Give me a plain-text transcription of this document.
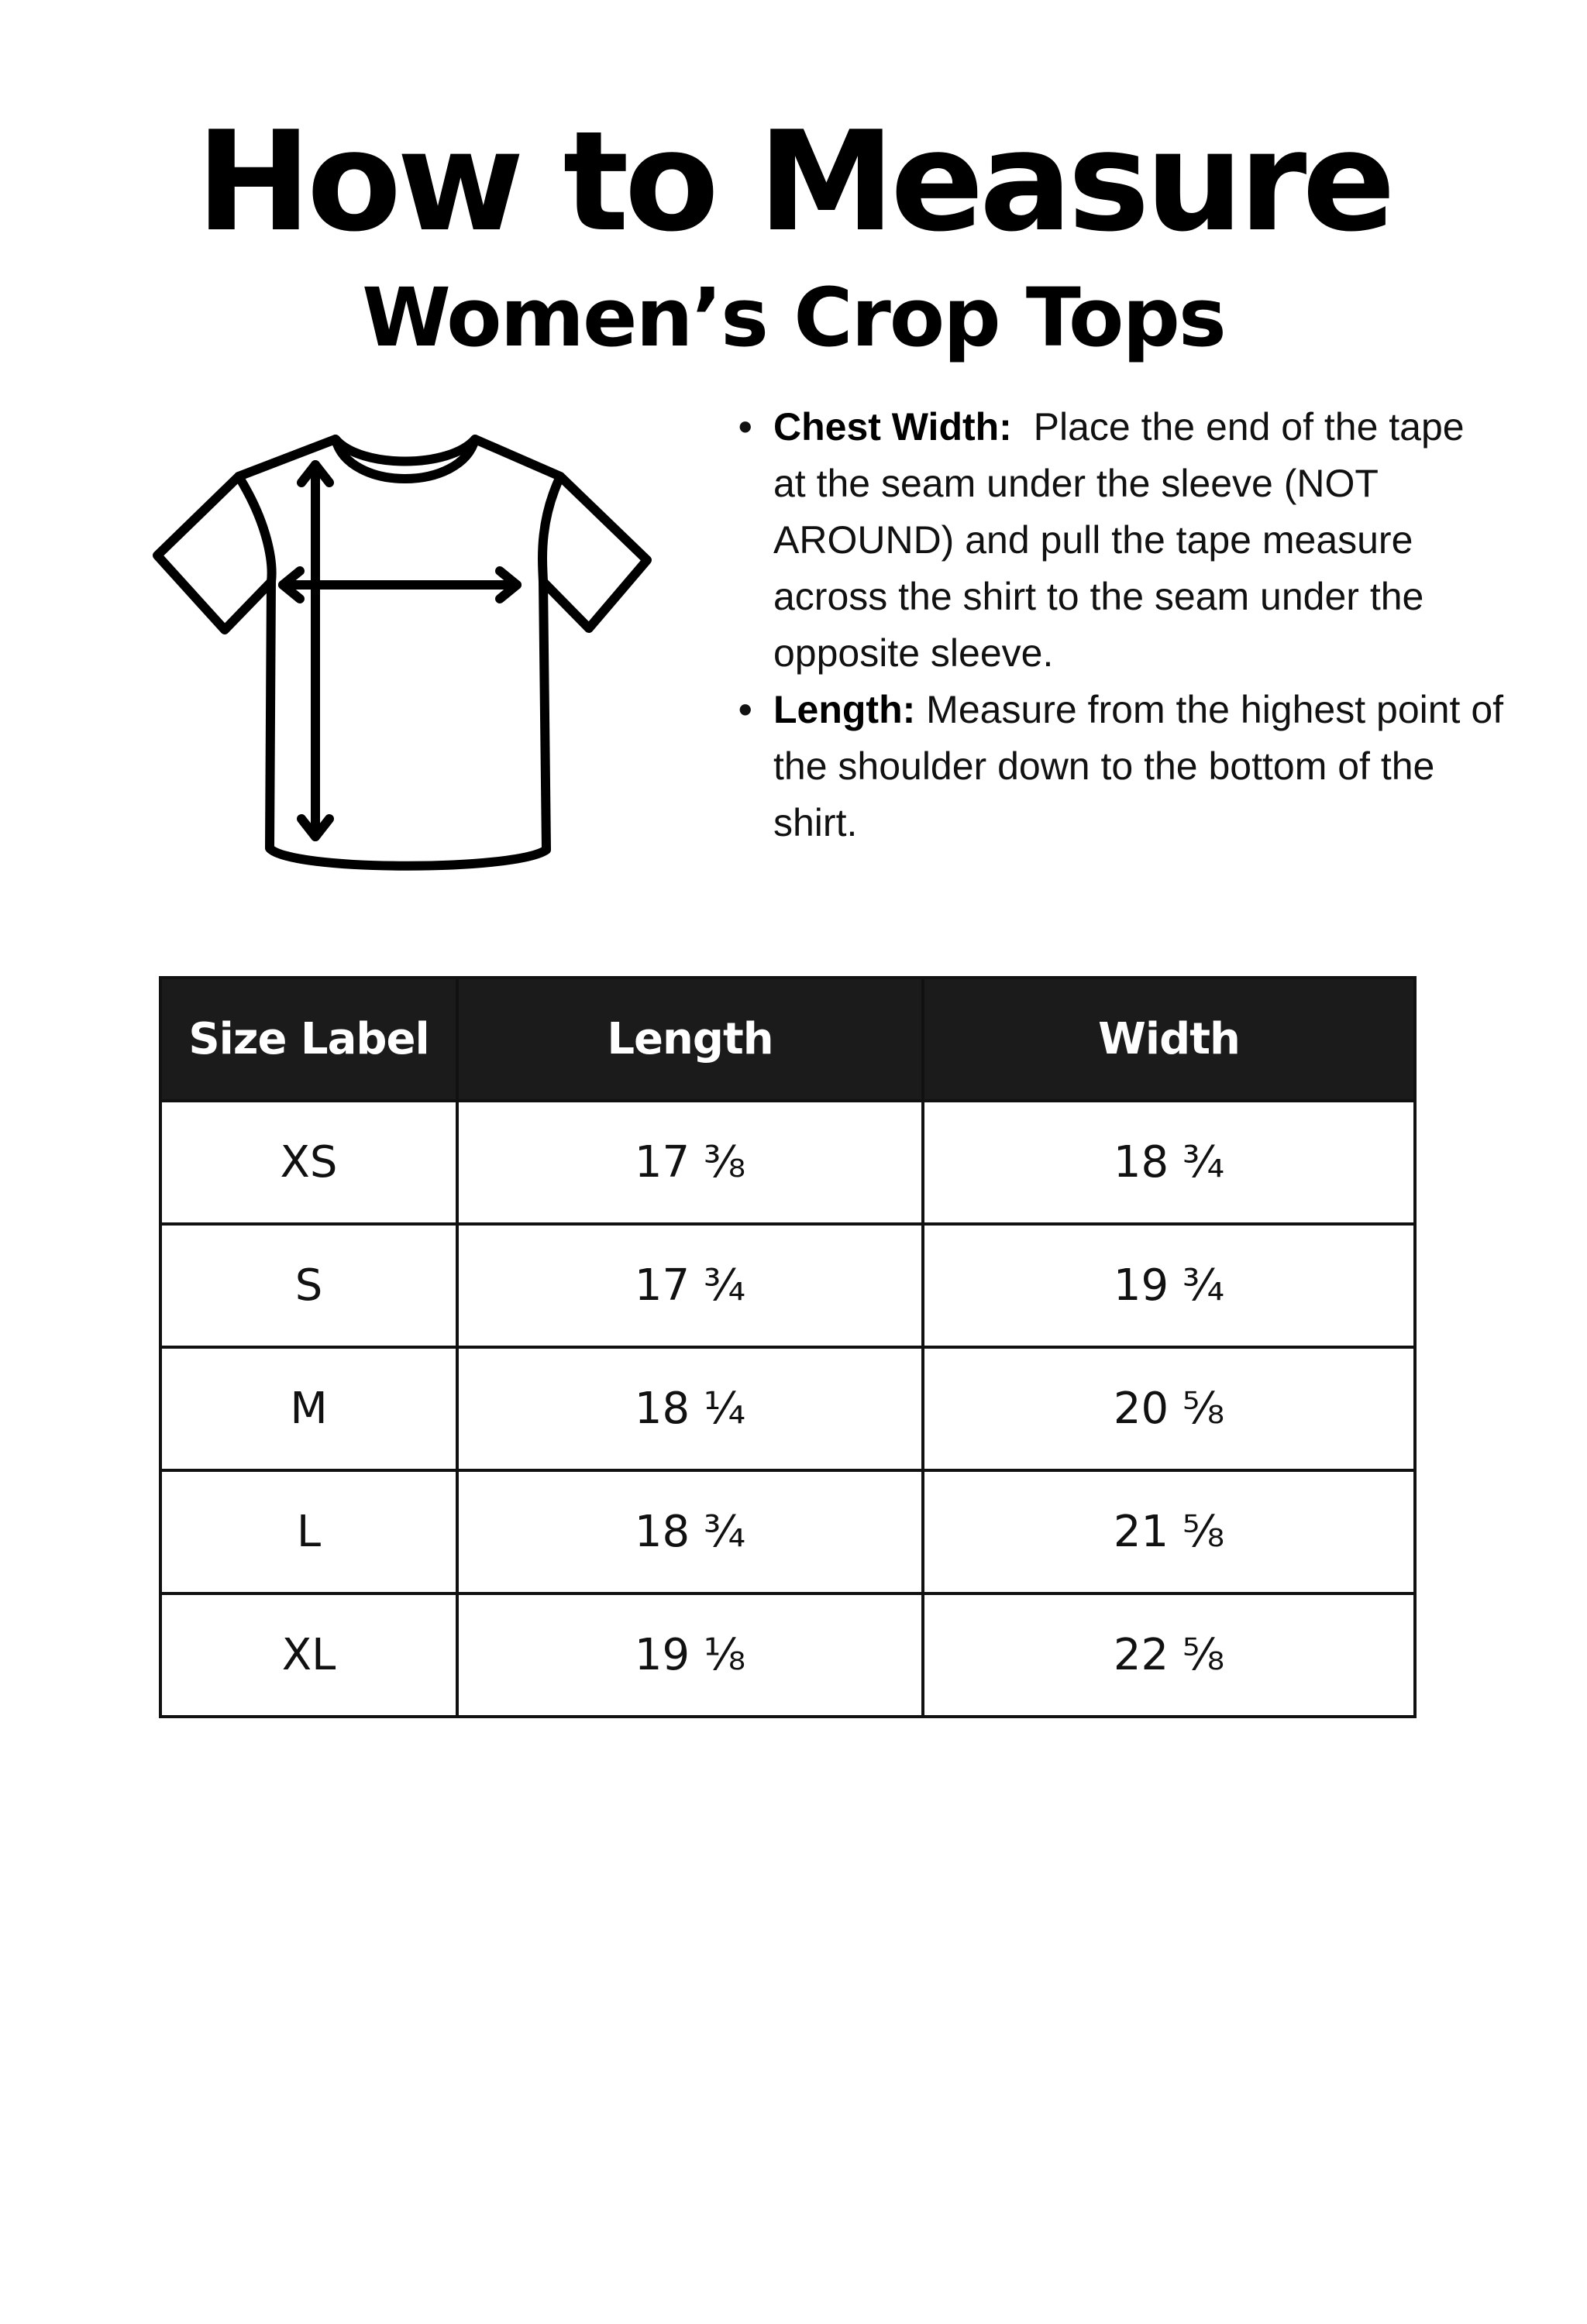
How to Measure
Women’s Crop Tops
• Chest Width:  Place the end of the tape at the seam under the sleeve (NOT AROUND) and pull the tape measure across the shirt to the seam under the opposite sleeve.
• Length: Measure from the highest point of the shoulder down to the bottom of the shirt.
Size Label	Length	Width
XS	17 ⅜	18 ¾
S	17 ¾	19 ¾
M	18 ¼	20 ⅝
L	18 ¾	21 ⅝
XL	19 ⅛	22 ⅝
